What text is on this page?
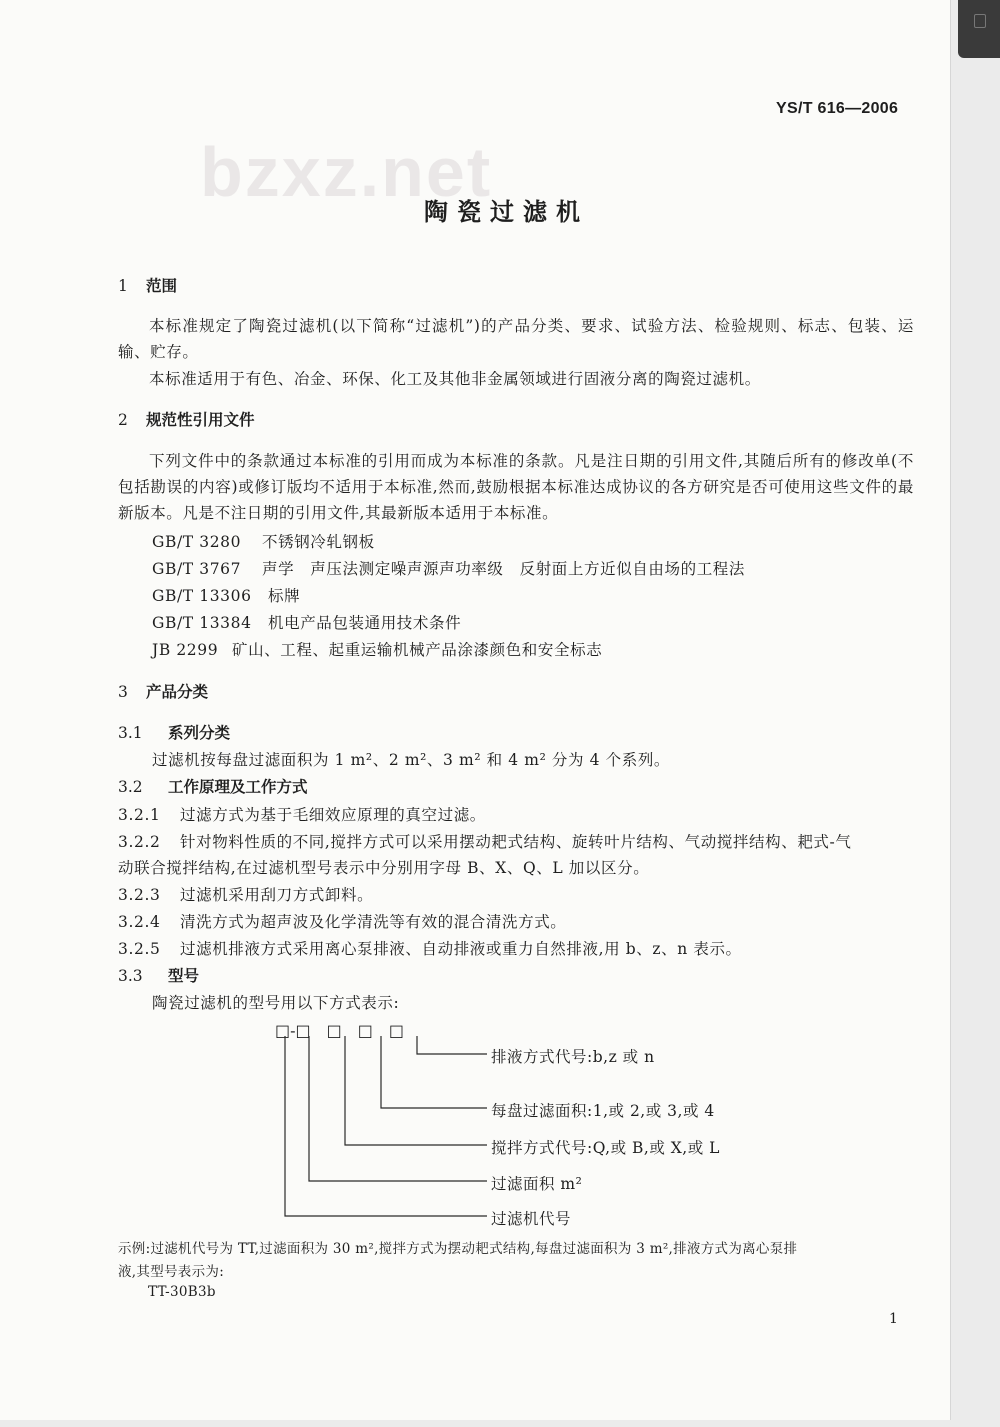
YS/T 616—2006
bzxz.net
陶瓷过滤机
1 范围
本标准规定了陶瓷过滤机(以下简称“过滤机”)的产品分类、要求、试验方法、检验规则、标志、包装、运输、贮存。
本标准适用于有色、冶金、环保、化工及其他非金属领域进行固液分离的陶瓷过滤机。
2 规范性引用文件
下列文件中的条款通过本标准的引用而成为本标准的条款。凡是注日期的引用文件,其随后所有的修改单(不包括勘误的内容)或修订版均不适用于本标准,然而,鼓励根据本标准达成协议的各方研究是否可使用这些文件的最新版本。凡是不注日期的引用文件,其最新版本适用于本标准。
GB/T 3280 不锈钢冷轧钢板
GB/T 3767 声学　声压法测定噪声源声功率级　反射面上方近似自由场的工程法
GB/T 13306 标牌
GB/T 13384 机电产品包装通用技术条件
JB 2299 矿山、工程、起重运输机械产品涂漆颜色和安全标志
3 产品分类
3.1 系列分类
过滤机按每盘过滤面积为 1 m²、2 m²、3 m² 和 4 m² 分为 4 个系列。
3.2 工作原理及工作方式
3.2.1 过滤方式为基于毛细效应原理的真空过滤。
3.2.2 针对物料性质的不同,搅拌方式可以采用摆动耙式结构、旋转叶片结构、气动搅拌结构、耙式-气
动联合搅拌结构,在过滤机型号表示中分别用字母 B、X、Q、L 加以区分。
3.2.3 过滤机采用刮刀方式卸料。
3.2.4 清洗方式为超声波及化学清洗等有效的混合清洗方式。
3.2.5 过滤机排液方式采用离心泵排液、自动排液或重力自然排液,用 b、z、n 表示。
3.3 型号
陶瓷过滤机的型号用以下方式表示:
□-□　□　□　□
排液方式代号:b,z 或 n
每盘过滤面积:1,或 2,或 3,或 4
搅拌方式代号:Q,或 B,或 X,或 L
过滤面积 m²
过滤机代号
示例:过滤机代号为 TT,过滤面积为 30 m²,搅拌方式为摆动耙式结构,每盘过滤面积为 3 m²,排液方式为离心泵排
液,其型号表示为:
TT-30B3b
1
